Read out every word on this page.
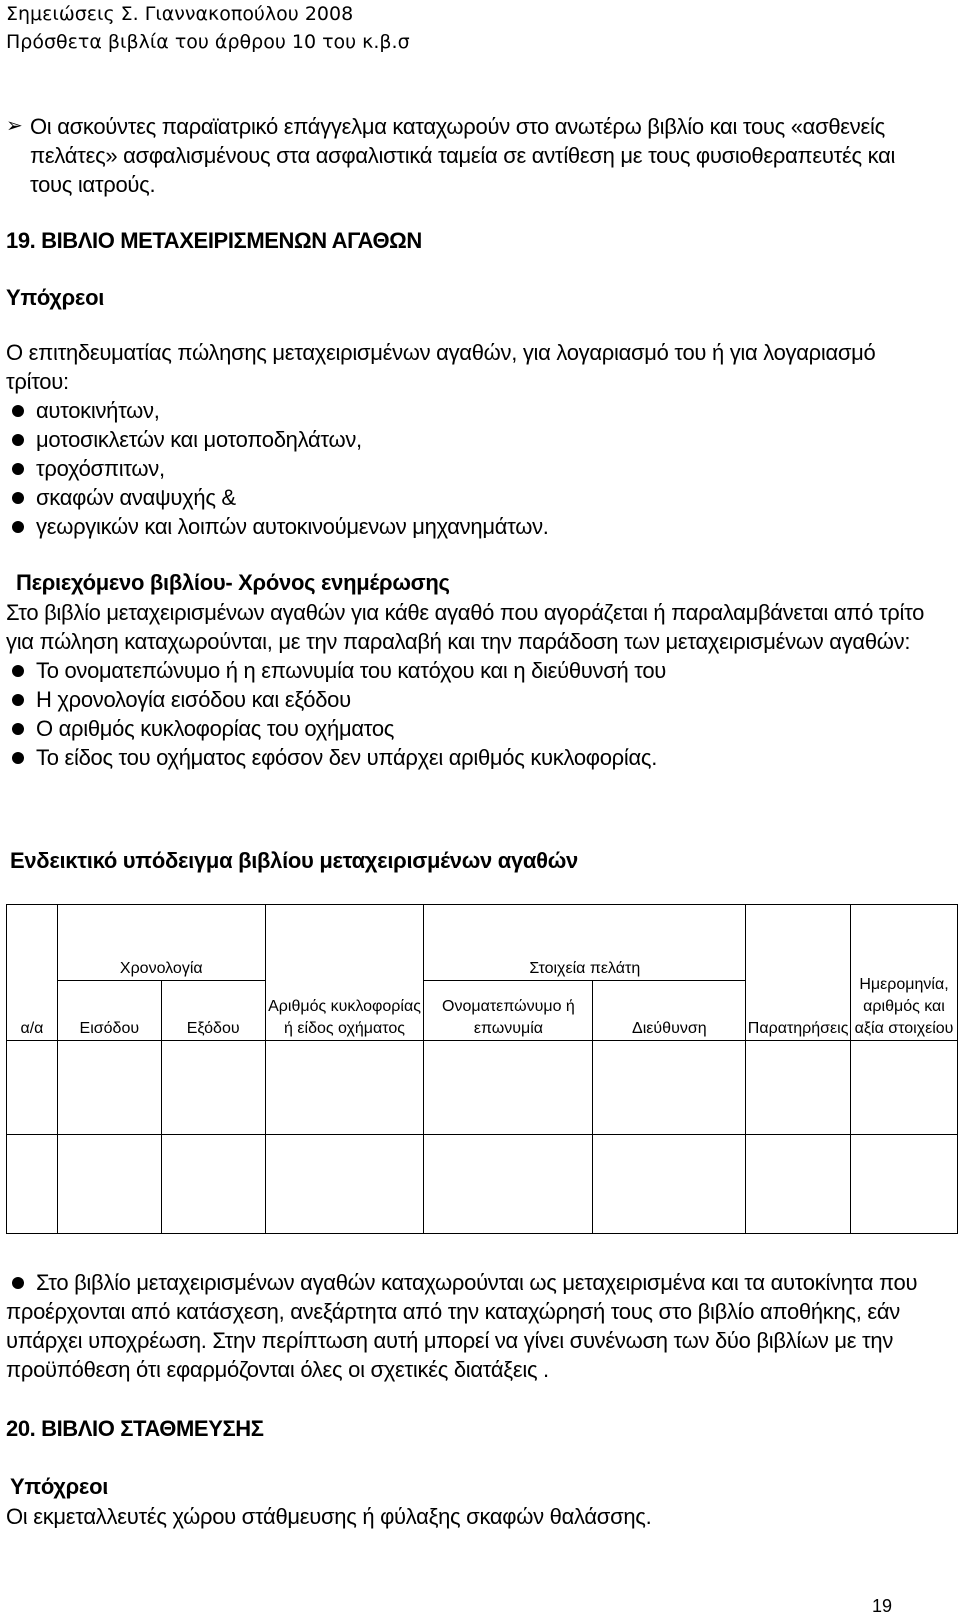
Σημειώσεις Σ. Γιαννακοπούλου 2008
Πρόσθετα βιβλία του άρθρου 10 του κ.β.σ
➢ Οι ασκούντες παραϊατρικό επάγγελμα καταχωρούν στο ανωτέρω βιβλίο και τους «ασθενείς πελάτες» ασφαλισμένους στα ασφαλιστικά ταμεία σε αντίθεση με τους φυσιοθεραπευτές και τους ιατρούς.
19. ΒΙΒΛΙΟ ΜΕΤΑΧΕΙΡΙΣΜΕΝΩΝ ΑΓΑΘΩΝ
Υπόχρεοι
Ο επιτηδευματίας πώλησης μεταχειρισμένων αγαθών, για λογαριασμό του ή για λογαριασμό τρίτου:
αυτοκινήτων,
μοτοσικλετών και μοτοποδηλάτων,
τροχόσπιτων,
σκαφών αναψυχής &
γεωργικών και λοιπών αυτοκινούμενων μηχανημάτων.
Περιεχόμενο βιβλίου- Χρόνος ενημέρωσης
Στο βιβλίο μεταχειρισμένων αγαθών για κάθε αγαθό που αγοράζεται ή παραλαμβάνεται από τρίτο για πώληση καταχωρούνται, με την παραλαβή και την παράδοση των μεταχειρισμένων αγαθών:
Το ονοματεπώνυμο ή η επωνυμία του κατόχου και η διεύθυνσή του
Η χρονολογία εισόδου και εξόδου
Ο αριθμός κυκλοφορίας του οχήματος
Το είδος του οχήματος εφόσον δεν υπάρχει αριθμός κυκλοφορίας.
Ενδεικτικό υπόδειγμα βιβλίου μεταχειρισμένων αγαθών
α/α	Χρονολογία		Αριθμός κυκλοφορίας ή είδος οχήματος	Στοιχεία πελάτη		Παρατηρήσεις	Ημερομηνία, αριθμός και αξία στοιχείου
	Εισόδου	Εξόδου		Ονοματεπώνυμο ή επωνυμία	Διεύθυνση		

Στο βιβλίο μεταχειρισμένων αγαθών καταχωρούνται ως μεταχειρισμένα και τα αυτοκίνητα που προέρχονται από κατάσχεση, ανεξάρτητα από την καταχώρησή τους στο βιβλίο αποθήκης, εάν υπάρχει υποχρέωση. Στην περίπτωση αυτή μπορεί να γίνει συνένωση των δύο βιβλίων με την προϋπόθεση ότι εφαρμόζονται όλες οι σχετικές διατάξεις .
20. ΒΙΒΛΙΟ ΣΤΑΘΜΕΥΣΗΣ
Υπόχρεοι
Οι εκμεταλλευτές χώρου στάθμευσης ή φύλαξης σκαφών θαλάσσης.
19
